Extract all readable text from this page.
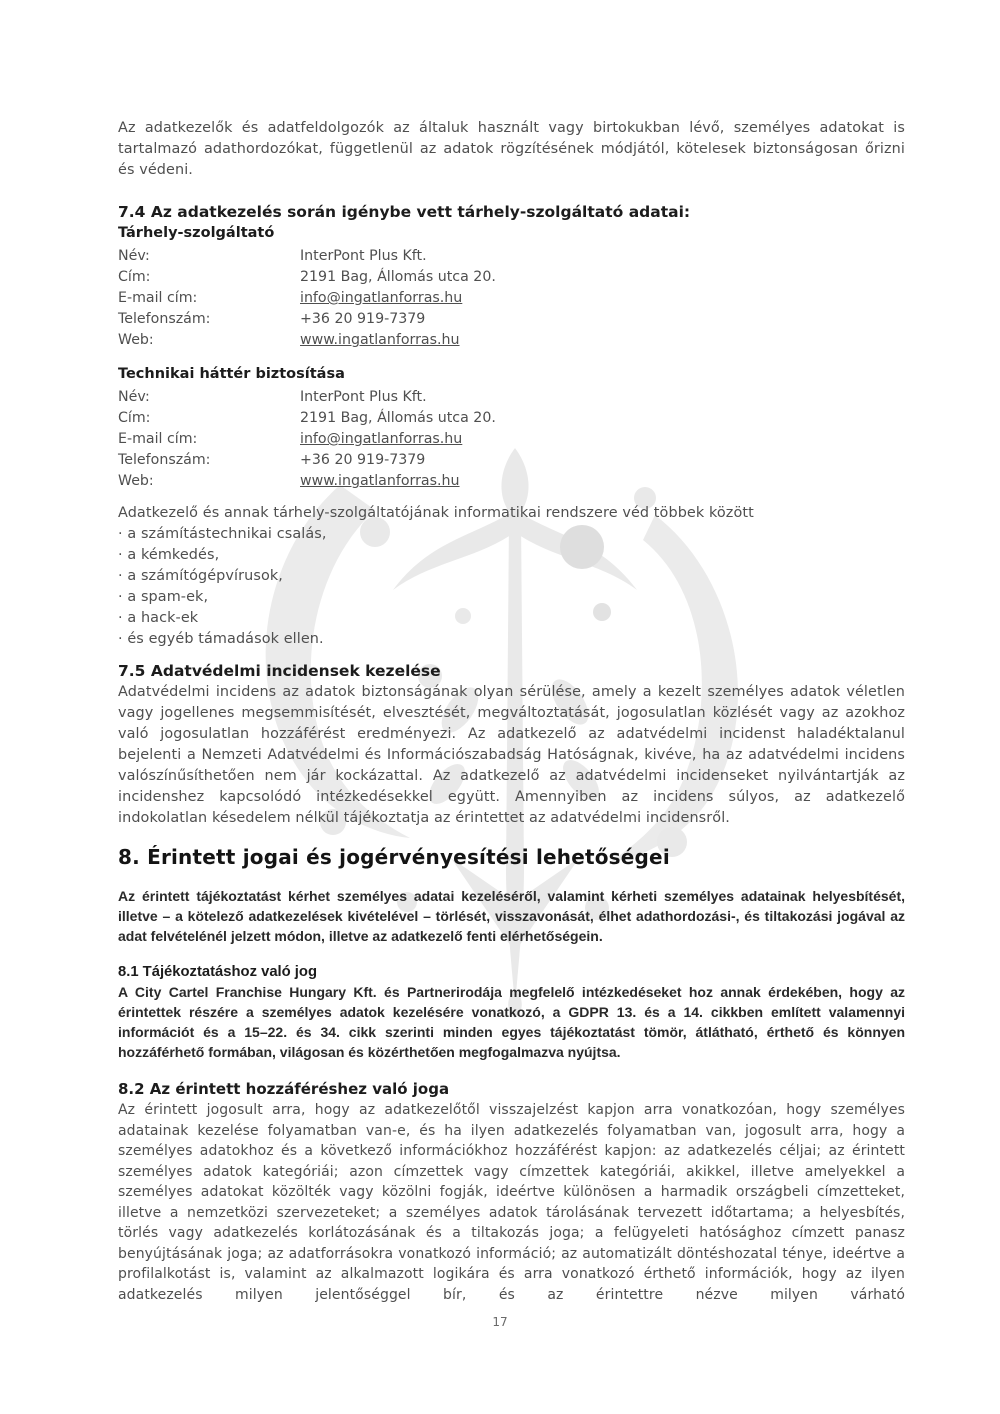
Az adatkezelők és adatfeldolgozók az általuk használt vagy birtokukban lévő, személyes adatokat is tartalmazó adathordozókat, függetlenül az adatok rögzítésének módjától, kötelesek biztonságosan őrizni és védeni.

7.4 Az adatkezelés során igénybe vett tárhely-szolgáltató adatai:
Tárhely-szolgáltató
Név:	InterPont Plus Kft.
Cím:	2191 Bag, Állomás utca 20.
E-mail cím:	info@ingatlanforras.hu
Telefonszám:	+36 20 919-7379
Web:	www.ingatlanforras.hu
Technikai háttér biztosítása
Név:	InterPont Plus Kft.
Cím:	2191 Bag, Állomás utca 20.
E-mail cím:	info@ingatlanforras.hu
Telefonszám:	+36 20 919-7379
Web:	www.ingatlanforras.hu

Adatkezelő és annak tárhely-szolgáltatójának informatikai rendszere véd többek között

· a számítástechnikai csalás,
· a kémkedés,
· a számítógépvírusok,
· a spam-ek,
· a hack-ek
· és egyéb támadások ellen.
7.5 Adatvédelmi incidensek kezelése

Adatvédelmi incidens az adatok biztonságának olyan sérülése, amely a kezelt személyes adatok véletlen vagy jogellenes megsemmisítését, elvesztését, megváltoztatását, jogosulatlan közlését vagy az azokhoz való jogosulatlan hozzáférést eredményezi. Az adatkezelő az adatvédelmi incidenst haladéktalanul bejelenti a Nemzeti Adatvédelmi és Információszabadság Hatóságnak, kivéve, ha az adatvédelmi incidens valószínűsíthetően nem jár kockázattal. Az adatkezelő az adatvédelmi incidenseket nyilvántartják az incidenshez kapcsolódó intézkedésekkel együtt. Amennyiben az incidens súlyos, az adatkezelő indokolatlan késedelem nélkül tájékoztatja az érintettet az adatvédelmi incidensről.

8. Érintett jogai és jogérvényesítési lehetőségei

Az érintett tájékoztatást kérhet személyes adatai kezeléséről, valamint kérheti személyes adatainak helyesbítését, illetve – a kötelező adatkezelések kivételével – törlését, visszavonását, élhet adathordozási-, és tiltakozási jogával az adat felvételénél jelzett módon, illetve az adatkezelő fenti elérhetőségein.

8.1 Tájékoztatáshoz való jog

A City Cartel Franchise Hungary Kft. és Partnerirodája megfelelő intézkedéseket hoz annak érdekében, hogy az érintettek részére a személyes adatok kezelésére vonatkozó, a GDPR 13. és a 14. cikkben említett valamennyi információt és a 15–22. és 34. cikk szerinti minden egyes tájékoztatást tömör, átlátható, érthető és könnyen hozzáférhető formában, világosan és közérthetően megfogalmazva nyújtsa.

8.2 Az érintett hozzáféréshez való joga

Az érintett jogosult arra, hogy az adatkezelőtől visszajelzést kapjon arra vonatkozóan, hogy személyes adatainak kezelése folyamatban van-e, és ha ilyen adatkezelés folyamatban van, jogosult arra, hogy a személyes adatokhoz és a következő információkhoz hozzáférést kapjon: az adatkezelés céljai; az érintett személyes adatok kategóriái; azon címzettek vagy címzettek kategóriái, akikkel, illetve amelyekkel a személyes adatokat közölték vagy közölni fogják, ideértve különösen a harmadik országbeli címzetteket, illetve a nemzetközi szervezeteket; a személyes adatok tárolásának tervezett időtartama; a helyesbítés, törlés vagy adatkezelés korlátozásának és a tiltakozás joga; a felügyeleti hatósághoz címzett panasz benyújtásának joga; az adatforrásokra vonatkozó információ; az automatizált döntéshozatal ténye, ideértve a profilalkotást is, valamint az alkalmazott logikára és arra vonatkozó érthető információk, hogy az ilyen adatkezelés milyen jelentőséggel bír, és az érintettre nézve milyen várható

17
